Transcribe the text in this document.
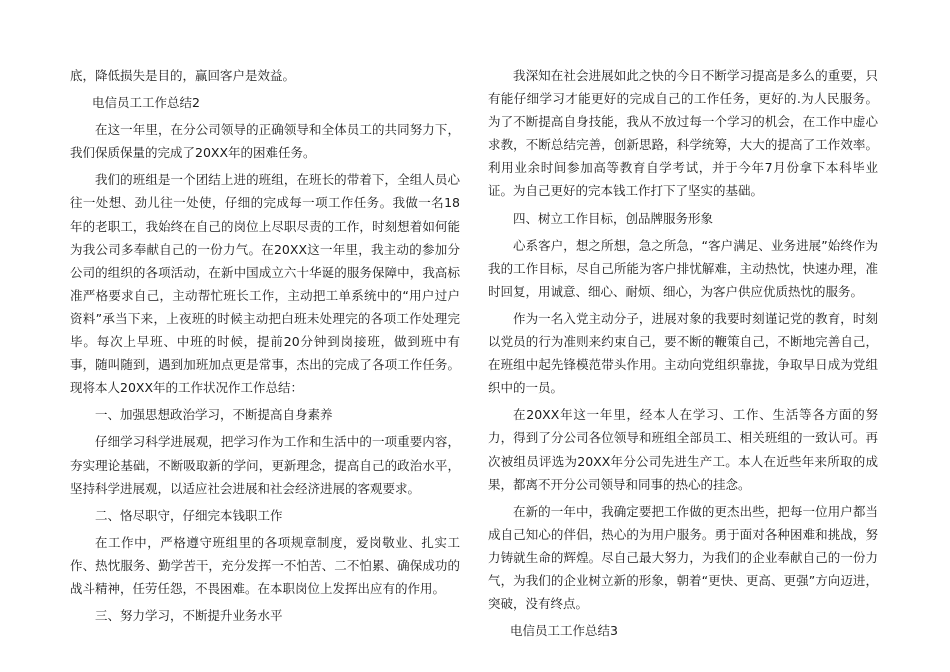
底，降低损失是目的，赢回客户是效益。

电信员工工作总结2

在这一年里，在分公司领导的正确领导和全体员工的共同努力下，我们保质保量的完成了20XX年的困难任务。

我们的班组是一个团结上进的班组，在班长的带着下，全组人员心往一处想、劲儿往一处使，仔细的完成每一项工作任务。我做一名18年的老职工，我始终在自己的岗位上尽职尽责的工作，时刻想着如何能为我公司多奉献自己的一份力气。在20XX这一年里，我主动的参加分公司的组织的各项活动，在新中国成立六十华诞的服务保障中，我高标准严格要求自己，主动帮忙班长工作，主动把工单系统中的“用户过户资料”承当下来，上夜班的时候主动把白班未处理完的各项工作处理完毕。每次上早班、中班的时候，提前20分钟到岗接班，做到班中有事，随叫随到，遇到加班加点更是常事，杰出的完成了各项工作任务。现将本人20XX年的工作状况作工作总结：

一、加强思想政治学习，不断提高自身素养

仔细学习科学进展观，把学习作为工作和生活中的一项重要内容，夯实理论基础，不断吸取新的学问，更新理念，提高自己的政治水平，坚持科学进展观，以适应社会进展和社会经济进展的客观要求。

二、恪尽职守，仔细完本钱职工作

在工作中，严格遵守班组里的各项规章制度，爱岗敬业、扎实工作、热忱服务、勤学苦干，充分发挥一不怕苦、二不怕累、确保成功的战斗精神，任劳任怨，不畏困难。在本职岗位上发挥出应有的作用。

三、努力学习，不断提升业务水平

我深知在社会进展如此之快的今日不断学习提高是多么的重要，只有能仔细学习才能更好的完成自己的工作任务，更好的.为人民服务。为了不断提高自身技能，我从不放过每一个学习的机会，在工作中虚心求教，不断总结完善，创新思路，科学统筹，大大的提高了工作效率。利用业余时间参加高等教育自学考试，并于今年7月份拿下本科毕业证。为自己更好的完本钱工作打下了坚实的基础。

四、树立工作目标，创品牌服务形象

心系客户，想之所想，急之所急，“客户满足、业务进展”始终作为我的工作目标，尽自己所能为客户排忧解难，主动热忱，快速办理，准时回复，用诚意、细心、耐烦、细心，为客户供应优质热忱的服务。

作为一名入党主动分子，进展对象的我要时刻谨记党的教育，时刻以党员的行为准则来约束自己，要不断的鞭策自己，不断地完善自己，在班组中起先锋模范带头作用。主动向党组织靠拢，争取早日成为党组织中的一员。

在20XX年这一年里，经本人在学习、工作、生活等各方面的努力，得到了分公司各位领导和班组全部员工、相关班组的一致认可。再次被组员评选为20XX年分公司先进生产工。本人在近些年来所取的成果，都离不开分公司领导和同事的热心的挂念。

在新的一年中，我确定要把工作做的更杰出些，把每一位用户都当成自己知心的伴侣，热心的为用户服务。勇于面对各种困难和挑战，努力铸就生命的辉煌。尽自己最大努力，为我们的企业奉献自己的一份力气，为我们的企业树立新的形象，朝着“更快、更高、更强”方向迈进，突破，没有终点。

电信员工工作总结3
